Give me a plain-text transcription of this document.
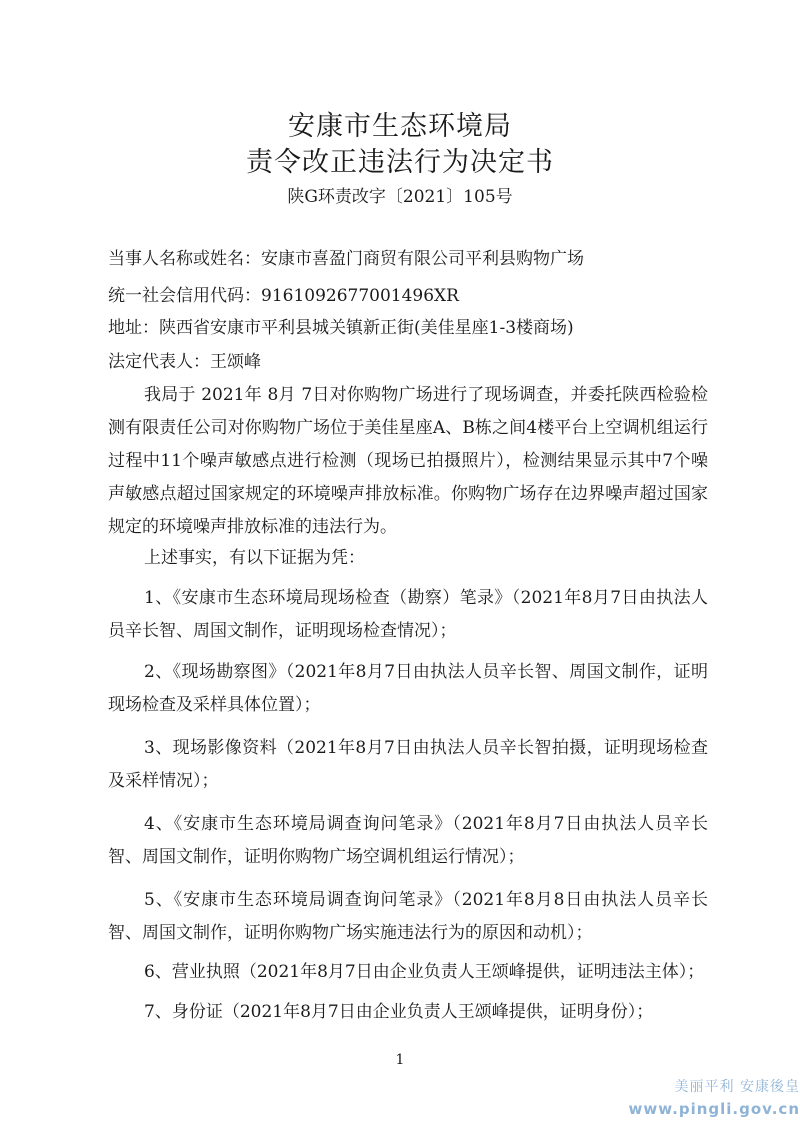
安康市生态环境局
责令改正违法行为决定书
陕G环责改字〔2021〕105号
当事人名称或姓名：安康市喜盈门商贸有限公司平利县购物广场
统一社会信用代码：9161092677001496XR
地址：陕西省安康市平利县城关镇新正街(美佳星座1-3楼商场)
法定代表人：王颂峰
我局于 2021年 8月 7日对你购物广场进行了现场调查，并委托陕西检验检测有限责任公司对你购物广场位于美佳星座A、B栋之间4楼平台上空调机组运行过程中11个噪声敏感点进行检测（现场已拍摄照片），检测结果显示其中7个噪声敏感点超过国家规定的环境噪声排放标准。你购物广场存在边界噪声超过国家规定的环境噪声排放标准的违法行为。
上述事实，有以下证据为凭：
1、《安康市生态环境局现场检查（勘察）笔录》（2021年8月7日由执法人员辛长智、周国文制作，证明现场检查情况）；
2、《现场勘察图》（2021年8月7日由执法人员辛长智、周国文制作，证明现场检查及采样具体位置）；
3、现场影像资料（2021年8月7日由执法人员辛长智拍摄，证明现场检查及采样情况）；
4、《安康市生态环境局调查询问笔录》（2021年8月7日由执法人员辛长智、周国文制作，证明你购物广场空调机组运行情况）；
5、《安康市生态环境局调查询问笔录》（2021年8月8日由执法人员辛长智、周国文制作，证明你购物广场实施违法行为的原因和动机）；
6、营业执照（2021年8月7日由企业负责人王颂峰提供，证明违法主体）；
7、身份证（2021年8月7日由企业负责人王颂峰提供，证明身份）；
1
美丽平利 安康後皇
www.pingli.gov.cn
